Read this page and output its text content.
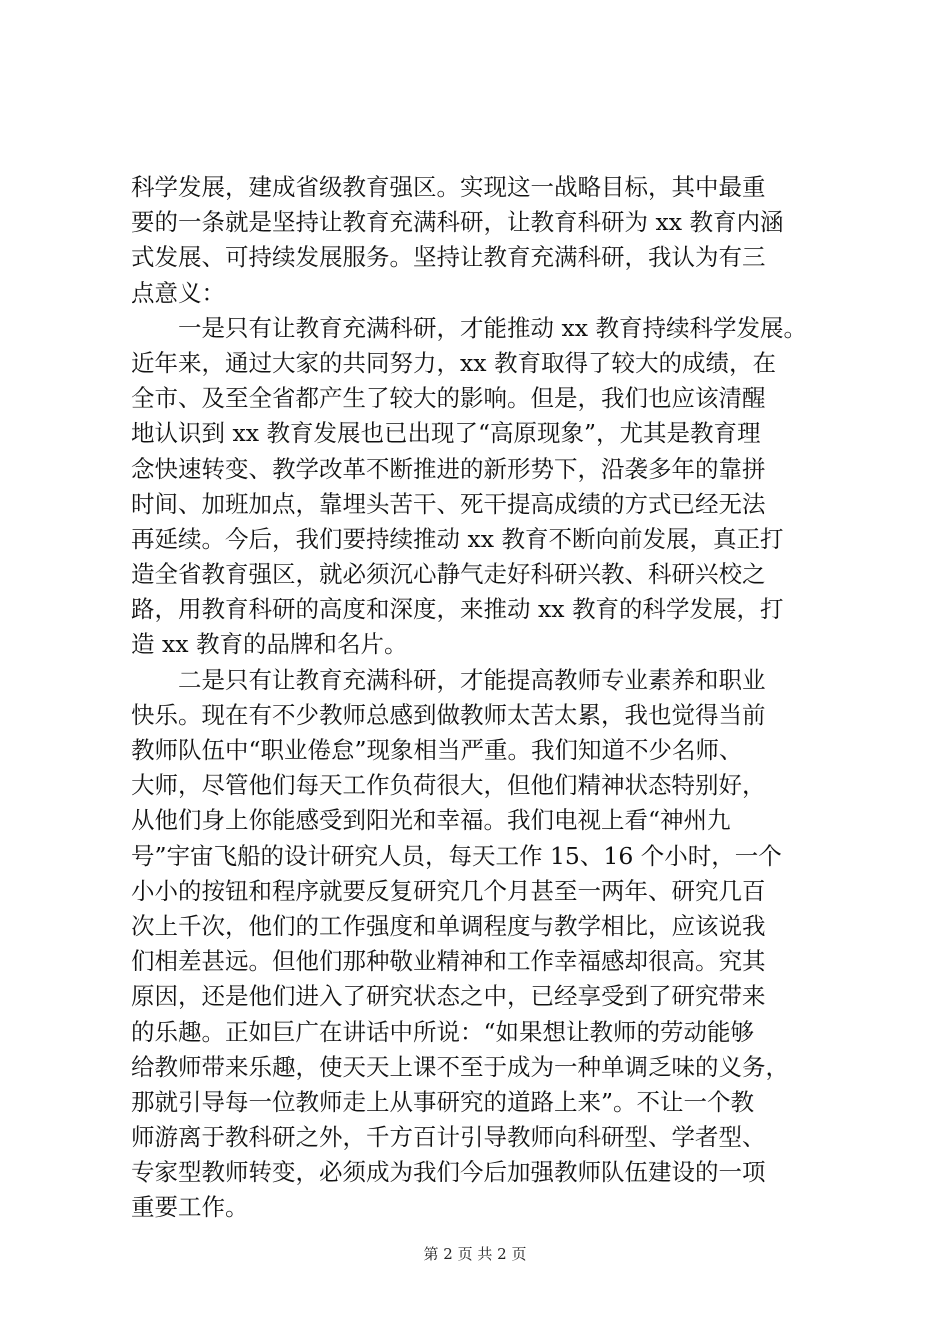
科学发展，建成省级教育强区。实现这一战略目标，其中最重
要的一条就是坚持让教育充满科研，让教育科研为 xx 教育内涵
式发展、可持续发展服务。坚持让教育充满科研，我认为有三
点意义：
　　一是只有让教育充满科研，才能推动 xx 教育持续科学发展。
近年来，通过大家的共同努力，xx 教育取得了较大的成绩，在
全市、及至全省都产生了较大的影响。但是，我们也应该清醒
地认识到 xx 教育发展也已出现了“高原现象”，尤其是教育理
念快速转变、教学改革不断推进的新形势下，沿袭多年的靠拼
时间、加班加点，靠埋头苦干、死干提高成绩的方式已经无法
再延续。今后，我们要持续推动 xx 教育不断向前发展，真正打
造全省教育强区，就必须沉心静气走好科研兴教、科研兴校之
路，用教育科研的高度和深度，来推动 xx 教育的科学发展，打
造 xx 教育的品牌和名片。
　　二是只有让教育充满科研，才能提高教师专业素养和职业
快乐。现在有不少教师总感到做教师太苦太累，我也觉得当前
教师队伍中“职业倦怠”现象相当严重。我们知道不少名师、
大师，尽管他们每天工作负荷很大，但他们精神状态特别好，
从他们身上你能感受到阳光和幸福。我们电视上看“神州九
号”宇宙飞船的设计研究人员，每天工作 15、16 个小时，一个
小小的按钮和程序就要反复研究几个月甚至一两年、研究几百
次上千次，他们的工作强度和单调程度与教学相比，应该说我
们相差甚远。但他们那种敬业精神和工作幸福感却很高。究其
原因，还是他们进入了研究状态之中，已经享受到了研究带来
的乐趣。正如巨广在讲话中所说：“如果想让教师的劳动能够
给教师带来乐趣，使天天上课不至于成为一种单调乏味的义务，
那就引导每一位教师走上从事研究的道路上来”。不让一个教
师游离于教科研之外，千方百计引导教师向科研型、学者型、
专家型教师转变，必须成为我们今后加强教师队伍建设的一项
重要工作。
第 2 页 共 2 页
